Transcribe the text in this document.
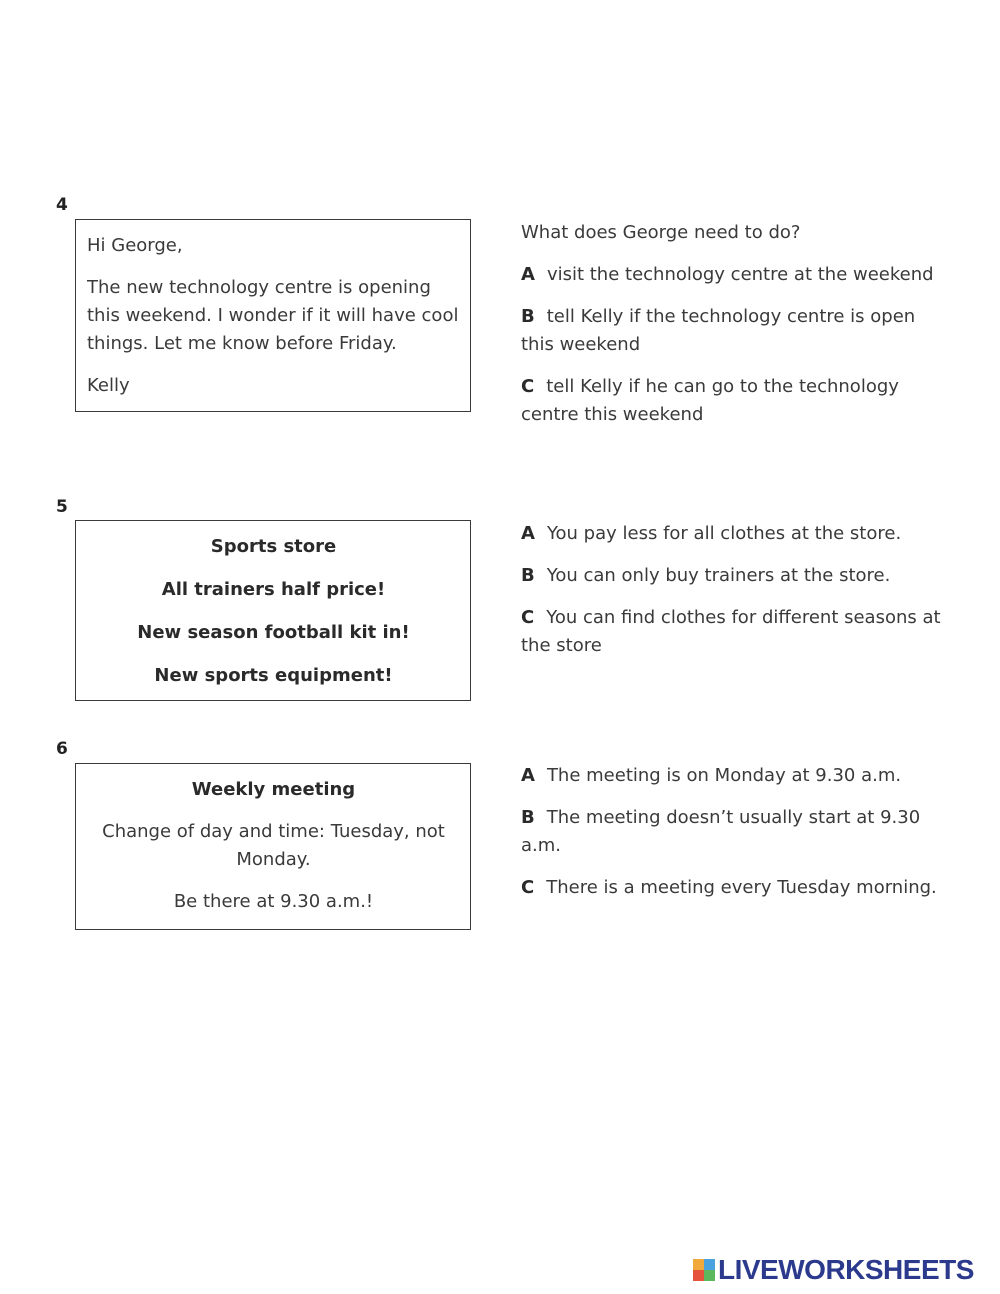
4

Hi George,

The new technology centre is opening this weekend. I wonder if it will have cool things. Let me know before Friday.

Kelly

What does George need to do?

A visit the technology centre at the weekend

B tell Kelly if the technology centre is open this weekend

C tell Kelly if he can go to the technology centre this weekend

5

Sports store

All trainers half price!

New season football kit in!

New sports equipment!

A You pay less for all clothes at the store.

B You can only buy trainers at the store.

C You can find clothes for different seasons at the store

6

Weekly meeting

Change of day and time: Tuesday, not Monday.

Be there at 9.30 a.m.!

A The meeting is on Monday at 9.30 a.m.

B The meeting doesn’t usually start at 9.30 a.m.

C There is a meeting every Tuesday morning.

LIVEWORKSHEETS
